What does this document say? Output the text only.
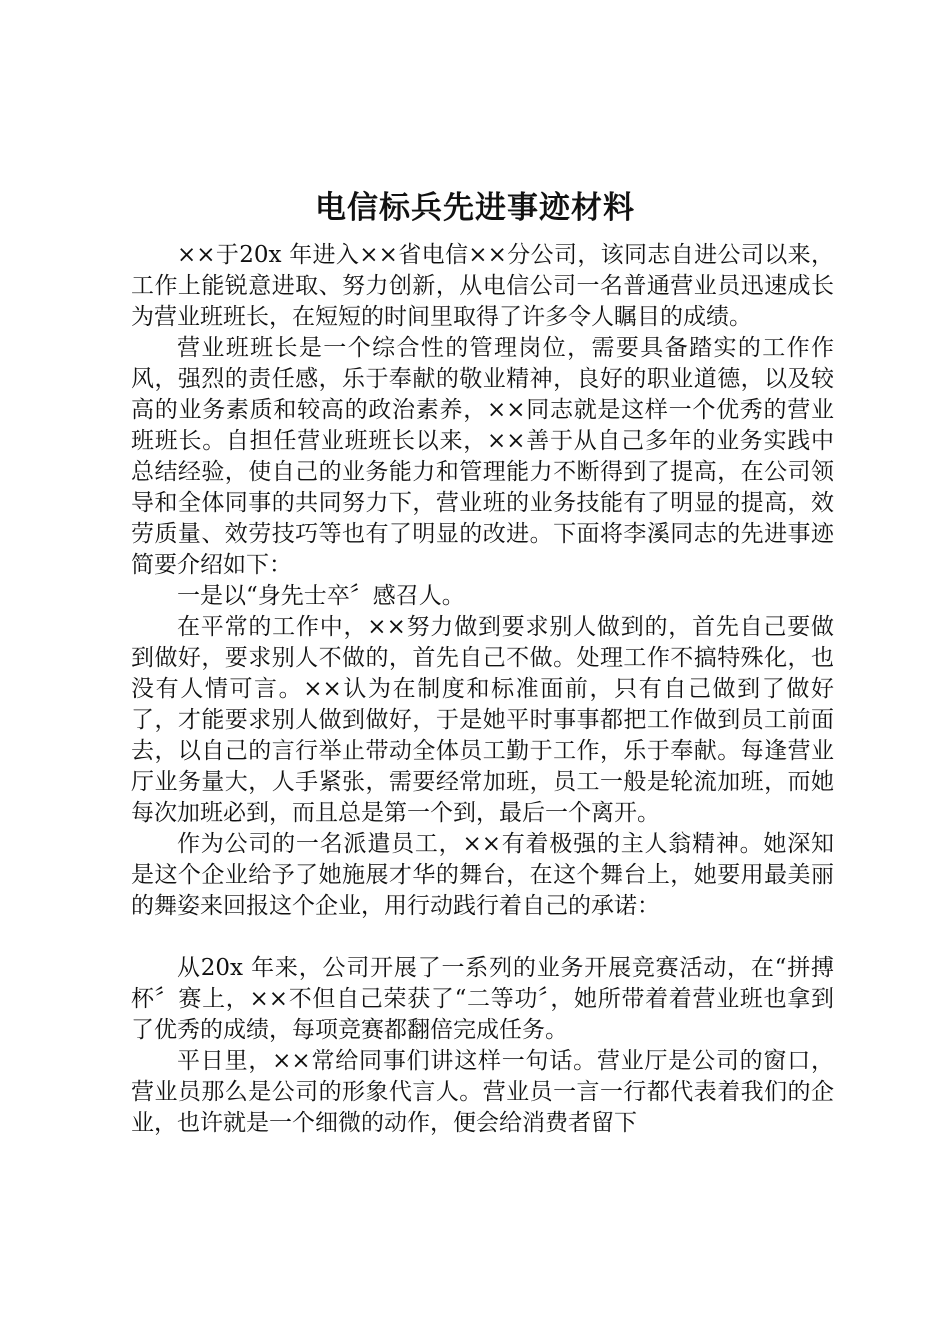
电信标兵先进事迹材料

××于20x 年进入××省电信××分公司，该同志自进公司以来，工作上能锐意进取、努力创新，从电信公司一名普通营业员迅速成长为营业班班长，在短短的时间里取得了许多令人瞩目的成绩。

营业班班长是一个综合性的管理岗位，需要具备踏实的工作作风，强烈的责任感，乐于奉献的敬业精神，良好的职业道德，以及较高的业务素质和较高的政治素养，××同志就是这样一个优秀的营业班班长。自担任营业班班长以来，××善于从自己多年的业务实践中总结经验，使自己的业务能力和管理能力不断得到了提高，在公司领导和全体同事的共同努力下，营业班的业务技能有了明显的提高，效劳质量、效劳技巧等也有了明显的改进。下面将李溪同志的先进事迹简要介绍如下：

一是以“身先士卒〞感召人。

在平常的工作中，××努力做到要求别人做到的，首先自己要做到做好，要求别人不做的，首先自己不做。处理工作不搞特殊化，也没有人情可言。××认为在制度和标准面前，只有自己做到了做好了，才能要求别人做到做好，于是她平时事事都把工作做到员工前面去，以自己的言行举止带动全体员工勤于工作，乐于奉献。每逢营业厅业务量大，人手紧张，需要经常加班，员工一般是轮流加班，而她每次加班必到，而且总是第一个到，最后一个离开。

作为公司的一名派遣员工，××有着极强的主人翁精神。她深知是这个企业给予了她施展才华的舞台，在这个舞台上，她要用最美丽的舞姿来回报这个企业，用行动践行着自己的承诺：

从20x 年来，公司开展了一系列的业务开展竞赛活动，在“拼搏杯〞赛上，××不但自己荣获了“二等功〞，她所带着着营业班也拿到了优秀的成绩，每项竞赛都翻倍完成任务。

平日里，××常给同事们讲这样一句话。营业厅是公司的窗口，营业员那么是公司的形象代言人。营业员一言一行都代表着我们的企业，也许就是一个细微的动作，便会给消费者留下
